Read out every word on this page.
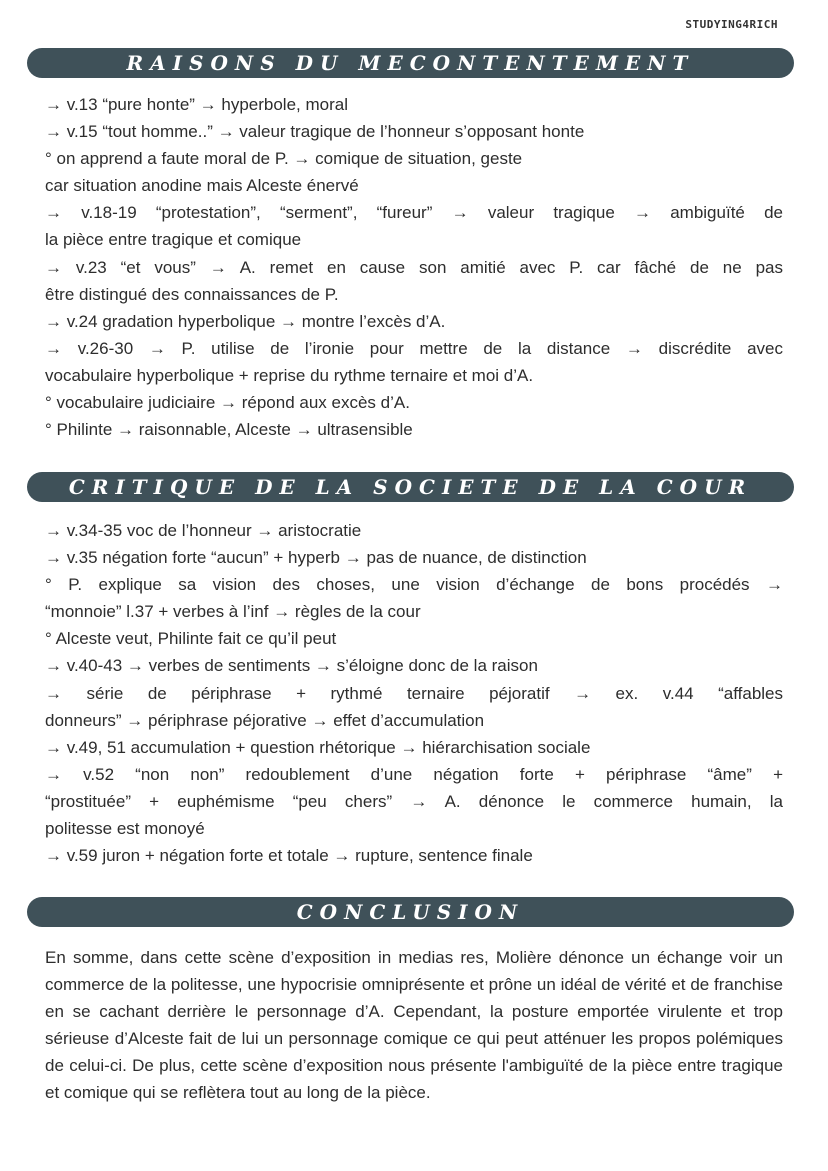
STUDYING4RICH
RAISONS DU MECONTENTEMENT

→ v.13 “pure honte” → hyperbole, moral

→ v.15 “tout homme..” → valeur tragique de l’honneur s’opposant honte

° on apprend a faute moral de P. → comique de situation, geste

car situation anodine mais Alceste énervé

→ v.18-19 “protestation”, “serment”, “fureur” → valeur tragique → ambiguïté de

la pièce entre tragique et comique

→ v.23 “et vous” → A. remet en cause son amitié avec P. car fâché de ne pas

être distingué des connaissances de P.

→ v.24 gradation hyperbolique → montre l’excès d’A.

→ v.26-30 → P. utilise de l’ironie pour mettre de la distance → discrédite avec

vocabulaire hyperbolique + reprise du rythme ternaire et moi d’A.

° vocabulaire judiciaire → répond aux excès d’A.

° Philinte → raisonnable, Alceste → ultrasensible

CRITIQUE DE LA SOCIETE DE LA COUR

→ v.34-35 voc de l’honneur → aristocratie

→ v.35 négation forte “aucun” + hyperb → pas de nuance, de distinction

° P. explique sa vision des choses, une vision d’échange de bons procédés →

“monnoie” l.37 + verbes à l’inf → règles de la cour

° Alceste veut, Philinte fait ce qu’il peut

→ v.40-43 → verbes de sentiments → s’éloigne donc de la raison

→ série de périphrase + rythmé ternaire péjoratif → ex. v.44 “affables

donneurs” → périphrase péjorative → effet d’accumulation

→ v.49, 51 accumulation + question rhétorique → hiérarchisation sociale

→ v.52 “non non” redoublement d’une négation forte + périphrase “âme” +

“prostituée” + euphémisme “peu chers” → A. dénonce le commerce humain, la

politesse est monoyé

→ v.59 juron + négation forte et totale → rupture, sentence finale

CONCLUSION

En somme, dans cette scène d’exposition in medias res, Molière dénonce un échange voir un commerce de la politesse, une hypocrisie omniprésente et prône un idéal de vérité et de franchise en se cachant derrière le personnage d’A. Cependant, la posture emportée virulente et trop sérieuse d’Alceste fait de lui un personnage comique ce qui peut atténuer les propos polémiques de celui-ci. De plus, cette scène d’exposition nous présente l'ambiguïté de la pièce entre tragique et comique qui se reflètera tout au long de la pièce.
